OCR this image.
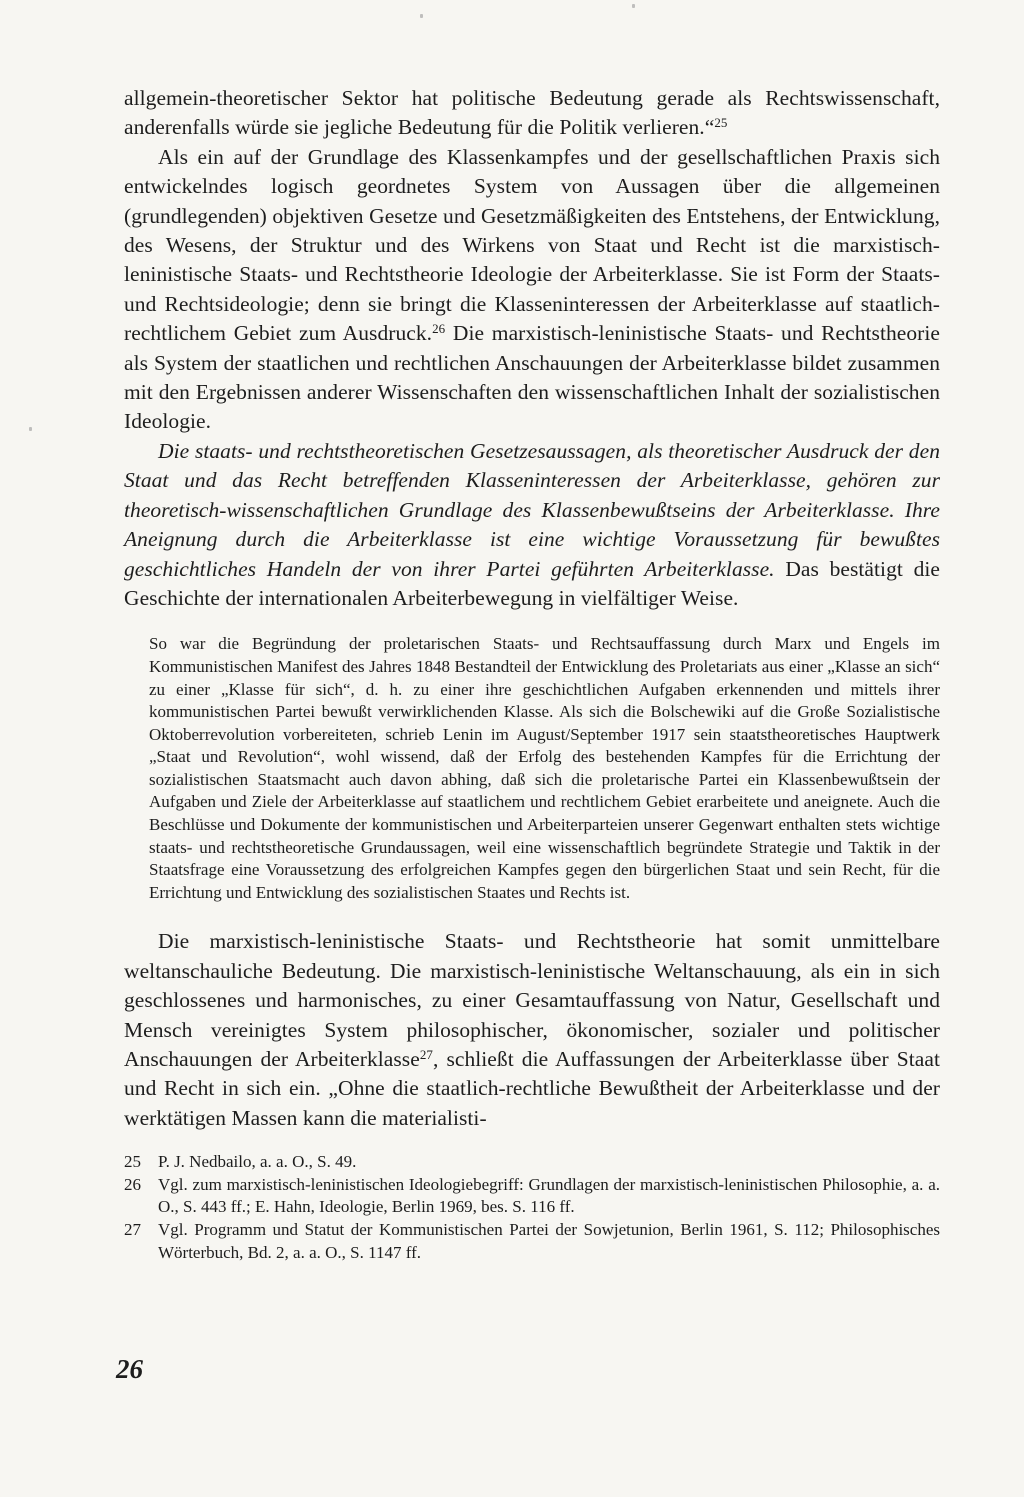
allgemein-theoretischer Sektor hat politische Bedeutung gerade als Rechtswissenschaft, anderenfalls würde sie jegliche Bedeutung für die Politik verlieren.“$^{25}$

Als ein auf der Grundlage des Klassenkampfes und der gesellschaftlichen Praxis sich entwickelndes logisch geordnetes System von Aussagen über die allgemeinen (grundlegenden) objektiven Gesetze und Gesetzmäßigkeiten des Entstehens, der Entwicklung, des Wesens, der Struktur und des Wirkens von Staat und Recht ist die marxistisch-leninistische Staats- und Rechtstheorie Ideologie der Arbeiterklasse. Sie ist Form der Staats- und Rechtsideologie; denn sie bringt die Klasseninteressen der Arbeiterklasse auf staatlich-rechtlichem Gebiet zum Ausdruck.$^{26}$ Die marxistisch-leninistische Staats- und Rechtstheorie als System der staatlichen und rechtlichen Anschauungen der Arbeiterklasse bildet zusammen mit den Ergebnissen anderer Wissenschaften den wissenschaftlichen Inhalt der sozialistischen Ideologie.

Die staats- und rechtstheoretischen Gesetzesaussagen, als theoretischer Ausdruck der den Staat und das Recht betreffenden Klasseninteressen der Arbeiterklasse, gehören zur theoretisch-wissenschaftlichen Grundlage des Klassenbewußtseins der Arbeiterklasse. Ihre Aneignung durch die Arbeiterklasse ist eine wichtige Voraussetzung für bewußtes geschichtliches Handeln der von ihrer Partei geführten Arbeiterklasse. Das bestätigt die Geschichte der internationalen Arbeiterbewegung in vielfältiger Weise.

So war die Begründung der proletarischen Staats- und Rechtsauffassung durch Marx und Engels im Kommunistischen Manifest des Jahres 1848 Bestandteil der Entwicklung des Proletariats aus einer „Klasse an sich“ zu einer „Klasse für sich“, d. h. zu einer ihre geschichtlichen Aufgaben erkennenden und mittels ihrer kommunistischen Partei bewußt verwirklichenden Klasse. Als sich die Bolschewiki auf die Große Sozialistische Oktoberrevolution vorbereiteten, schrieb Lenin im August/September 1917 sein staatstheoretisches Hauptwerk „Staat und Revolution“, wohl wissend, daß der Erfolg des bestehenden Kampfes für die Errichtung der sozialistischen Staatsmacht auch davon abhing, daß sich die proletarische Partei ein Klassenbewußtsein der Aufgaben und Ziele der Arbeiterklasse auf staatlichem und rechtlichem Gebiet erarbeitete und aneignete. Auch die Beschlüsse und Dokumente der kommunistischen und Arbeiterparteien unserer Gegenwart enthalten stets wichtige staats- und rechtstheoretische Grundaussagen, weil eine wissenschaftlich begründete Strategie und Taktik in der Staatsfrage eine Voraussetzung des erfolgreichen Kampfes gegen den bürgerlichen Staat und sein Recht, für die Errichtung und Entwicklung des sozialistischen Staates und Rechts ist.

Die marxistisch-leninistische Staats- und Rechtstheorie hat somit unmittelbare weltanschauliche Bedeutung. Die marxistisch-leninistische Weltanschauung, als ein in sich geschlossenes und harmonisches, zu einer Gesamtauffassung von Natur, Gesellschaft und Mensch vereinigtes System philosophischer, ökonomischer, sozialer und politischer Anschauungen der Arbeiterklasse$^{27}$, schließt die Auffassungen der Arbeiterklasse über Staat und Recht in sich ein. „Ohne die staatlich-rechtliche Bewußtheit der Arbeiterklasse und der werktätigen Massen kann die materialisti-

25	P. J. Nedbailo, a. a. O., S. 49.
26	Vgl. zum marxistisch-leninistischen Ideologiebegriff: Grundlagen der marxistisch-leninistischen Philosophie, a. a. O., S. 443 ff.; E. Hahn, Ideologie, Berlin 1969, bes. S. 116 ff.
27	Vgl. Programm und Statut der Kommunistischen Partei der Sowjetunion, Berlin 1961, S. 112; Philosophisches Wörterbuch, Bd. 2, a. a. O., S. 1147 ff.
26
